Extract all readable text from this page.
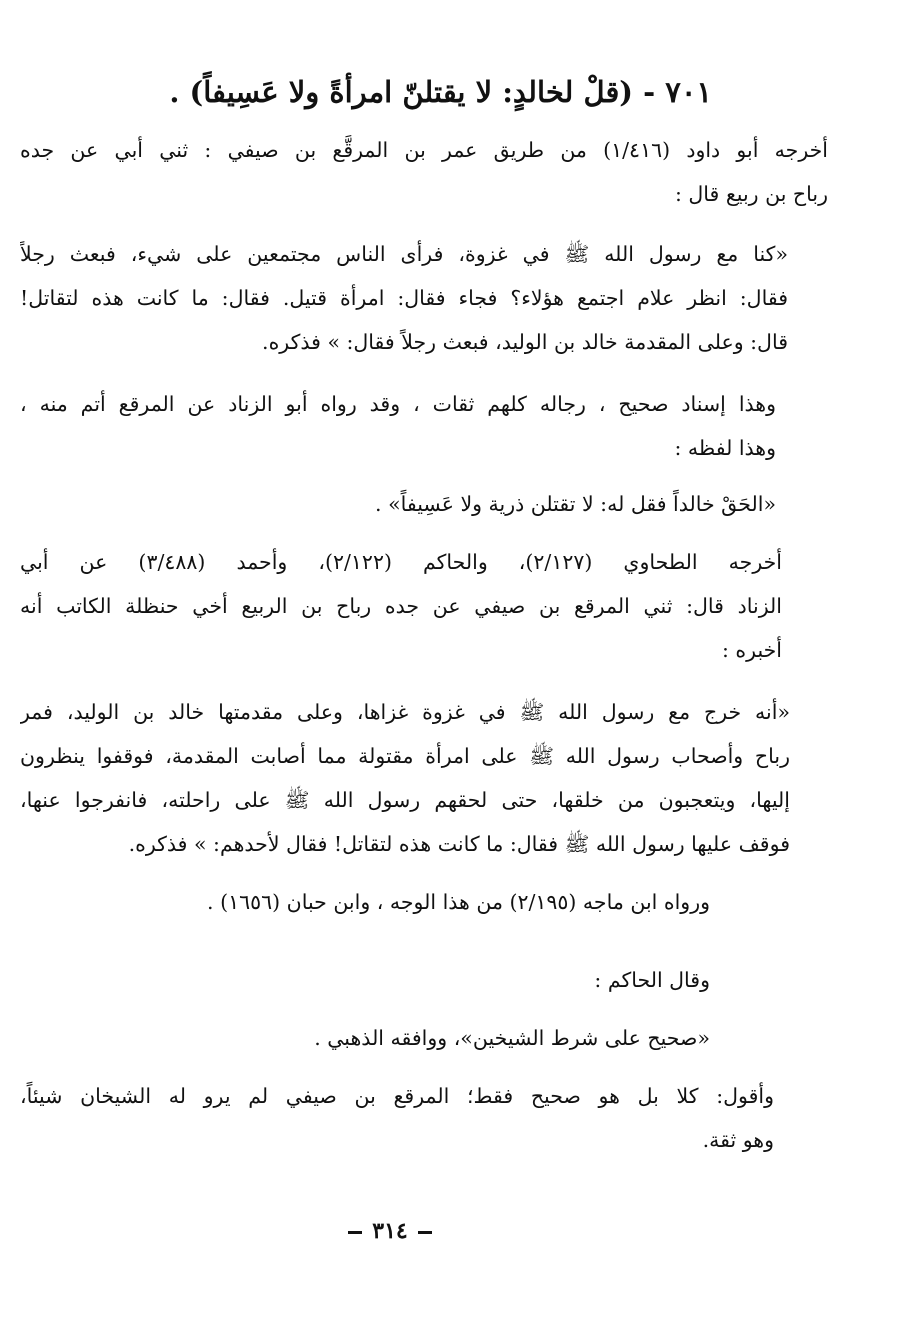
٧٠١ - (قلْ لخالدٍ: لا يقتلنّ امرأةً ولا عَسِيفاً) .
أخرجه أبو داود (١/٤١٦) من طريق عمر بن المرقَّع بن صيفي : ثني أبي عن جده
رباح بن ربيع قال :
«كنا مع رسول الله ﷺ في غزوة، فرأى الناس مجتمعين على شيء، فبعث رجلاً
فقال: انظر علام اجتمع هؤلاء؟ فجاء فقال: امرأة قتيل. فقال: ما كانت هذه لتقاتل!
قال: وعلى المقدمة خالد بن الوليد، فبعث رجلاً فقال: » فذكره.
وهذا إسناد صحيح ، رجاله كلهم ثقات ، وقد رواه أبو الزناد عن المرقع أتم منه ،
وهذا لفظه :
«الحَقْ خالداً فقل له: لا تقتلن ذرية ولا عَسِيفاً» .
أخرجه الطحاوي (٢/١٢٧)، والحاكم (٢/١٢٢)، وأحمد (٣/٤٨٨) عن أبي
الزناد قال: ثني المرقع بن صيفي عن جده رباح بن الربيع أخي حنظلة الكاتب أنه
أخبره :
«أنه خرج مع رسول الله ﷺ في غزوة غزاها، وعلى مقدمتها خالد بن الوليد، فمر
رباح وأصحاب رسول الله ﷺ على امرأة مقتولة مما أصابت المقدمة، فوقفوا ينظرون
إليها، ويتعجبون من خلقها، حتى لحقهم رسول الله ﷺ على راحلته، فانفرجوا عنها،
فوقف عليها رسول الله ﷺ فقال: ما كانت هذه لتقاتل! فقال لأحدهم: » فذكره.
ورواه ابن ماجه (٢/١٩٥) من هذا الوجه ، وابن حبان (١٦٥٦) .
وقال الحاكم :
«صحيح على شرط الشيخين»، ووافقه الذهبي .
وأقول: كلا بل هو صحيح فقط؛ المرقع بن صيفي لم يرو له الشيخان شيئاً،
وهو ثقة.
٣١٤
